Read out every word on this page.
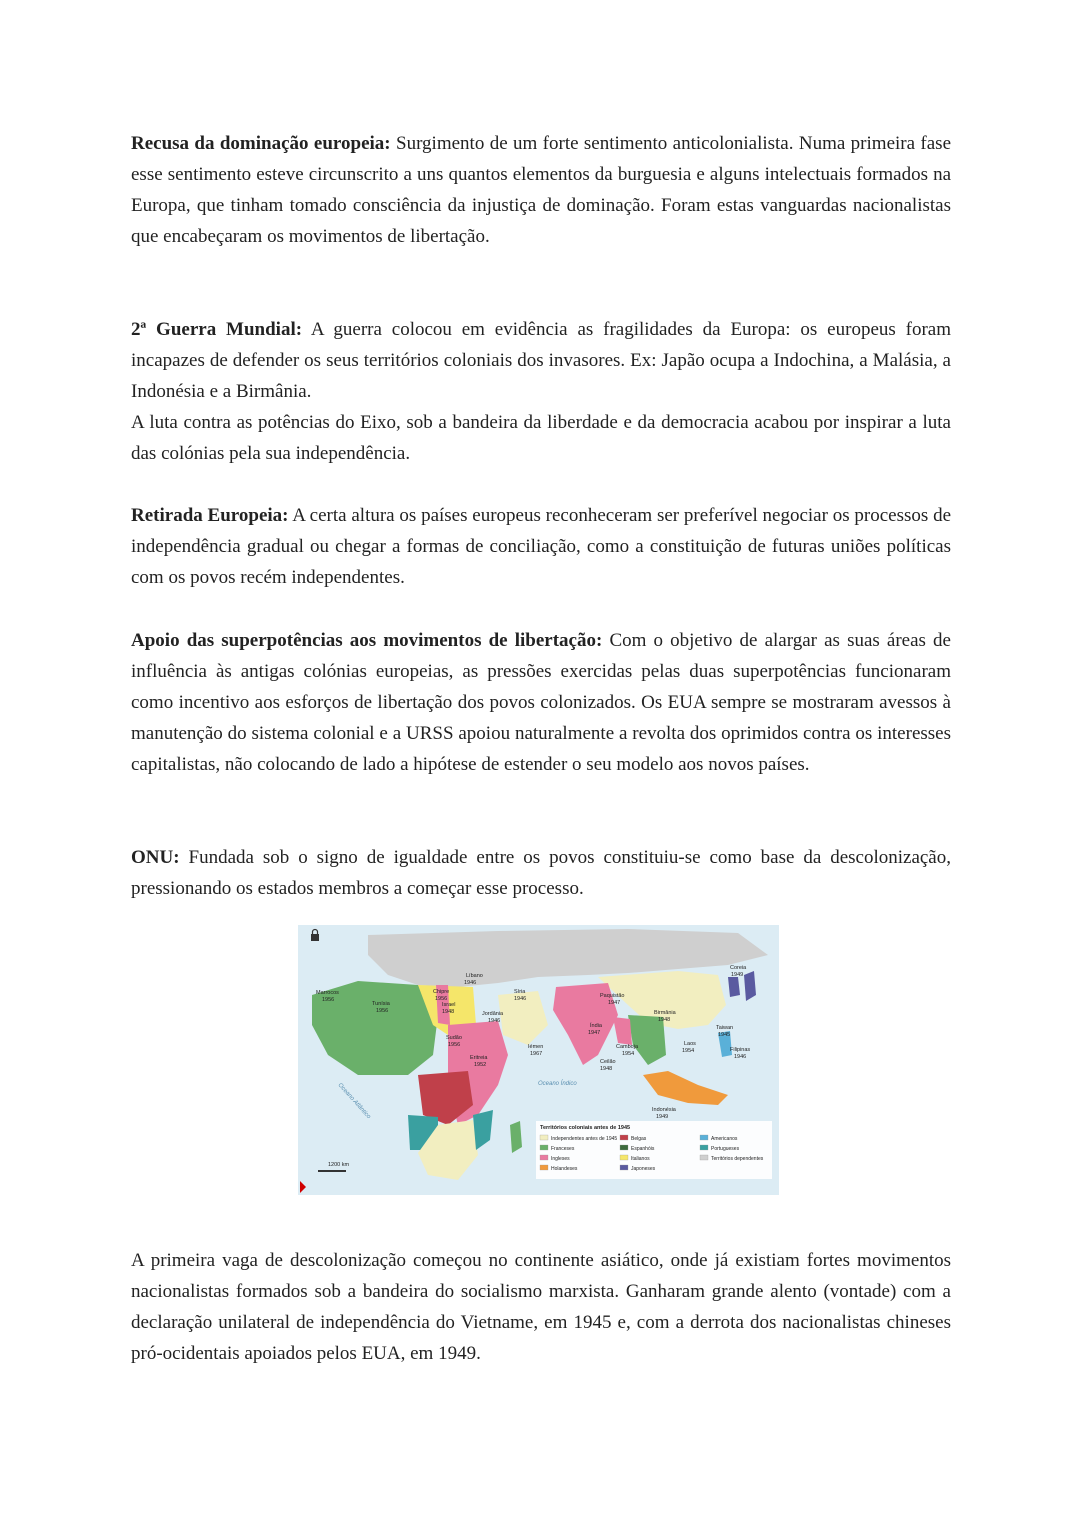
Recusa da dominação europeia: Surgimento de um forte sentimento anticolonialista. Numa primeira fase esse sentimento esteve circunscrito a uns quantos elementos da burguesia e alguns intelectuais formados na Europa, que tinham tomado consciência da injustiça de dominação. Foram estas vanguardas nacionalistas que encabeçaram os movimentos de libertação.

2ª Guerra Mundial: A guerra colocou em evidência as fragilidades da Europa: os europeus foram incapazes de defender os seus territórios coloniais dos invasores. Ex: Japão ocupa a Indochina, a Malásia, a Indonésia e a Birmânia.
A luta contra as potências do Eixo, sob a bandeira da liberdade e da democracia acabou por inspirar a luta das colónias pela sua independência.

Retirada Europeia: A certa altura os países europeus reconheceram ser preferível negociar os processos de independência gradual ou chegar a formas de conciliação, como a constituição de futuras uniões políticas com os povos recém independentes.

Apoio das superpotências aos movimentos de libertação: Com o objetivo de alargar as suas áreas de influência às antigas colónias europeias, as pressões exercidas pelas duas superpotências funcionaram como incentivo aos esforços de libertação dos povos colonizados. Os EUA sempre se mostraram avessos à manutenção do sistema colonial e a URSS apoiou naturalmente a revolta dos oprimidos contra os interesses capitalistas, não colocando de lado a hipótese de estender o seu modelo aos novos países.

ONU: Fundada sob o signo de igualdade entre os povos constituiu-se como base da descolonização, pressionando os estados membros a começar esse processo.

Marrocos
1956
Tunísia
1956
Líbano
1946
Chipre
1956
Israel
1948
Síria
1946
Jordânia
1946
Sudão
1956
Eritreia
1952
Iémen
1967
Paquistão
1947
Índia
1947
Ceilão
1948
Camboja
1954
Birmânia
1948
Laos
1954
Coreia
1949
Taiwan
1945
Filipinas
1946
Indonésia
1949
Oceano Índico
Oceano Atlântico
1200 km
Territórios coloniais antes de 1945
Independentes antes de 1945
Franceses
Ingleses
Holandeses
Belgas
Espanhóis
Italianos
Japoneses
Americanos
Portugueses
Territórios dependentes

A primeira vaga de descolonização começou no continente asiático, onde já existiam fortes movimentos nacionalistas formados sob a bandeira do socialismo marxista. Ganharam grande alento (vontade) com a declaração unilateral de independência do Vietname, em 1945 e, com a derrota dos nacionalistas chineses pró-ocidentais apoiados pelos EUA, em 1949.
